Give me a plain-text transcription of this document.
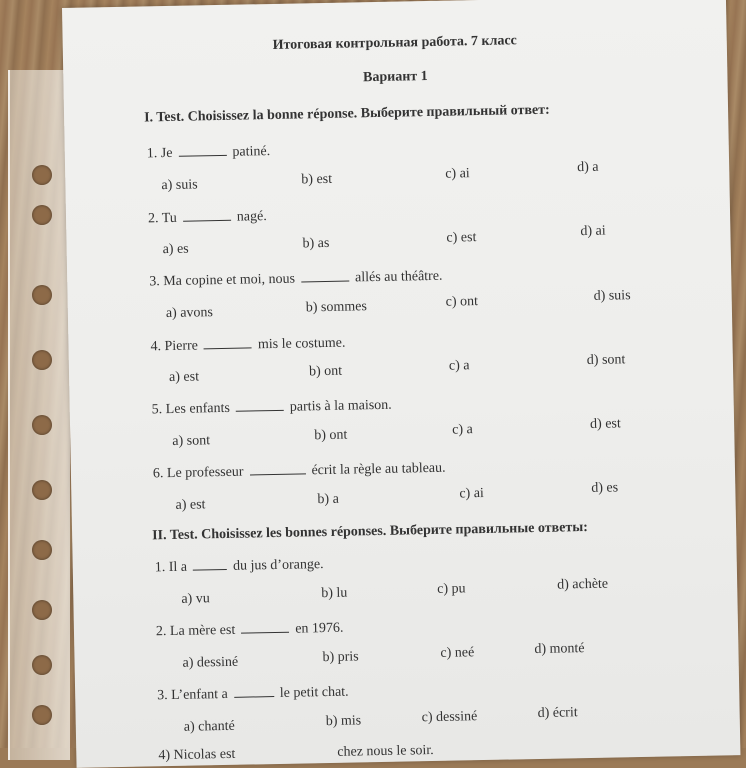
Итоговая контрольная работа. 7 класс
Вариант 1
I. Test. Choisissez la bonne réponse. Выберите правильный ответ:
1. Je	patiné.
a) suis	b) est	c) ai	d) a
2. Tu	nagé.
a) es	b) as	c) est	d) ai
3. Ma copine et moi, nous	allés au théâtre.
a) avons	b) sommes	c) ont	d) suis
4. Pierre	mis le costume.
a) est	b) ont	c) a	d) sont
5. Les enfants	partis à la maison.
a) sont	b) ont	c) a	d) est
6. Le professeur	écrit la règle au tableau.
a) est	b) a	c) ai	d) es
II. Test. Choisissez les bonnes réponses. Выберите правильные ответы:
1. Il a	du jus d’orange.
a) vu	b) lu	c) pu	d) achète
2. La mère est	en 1976.
a) dessiné	b) pris	c) neé	d) monté
3. L’enfant a	le petit chat.
a) chanté	b) mis	c) dessiné	d) écrit
4) Nicolas est	chez nous le soir.
